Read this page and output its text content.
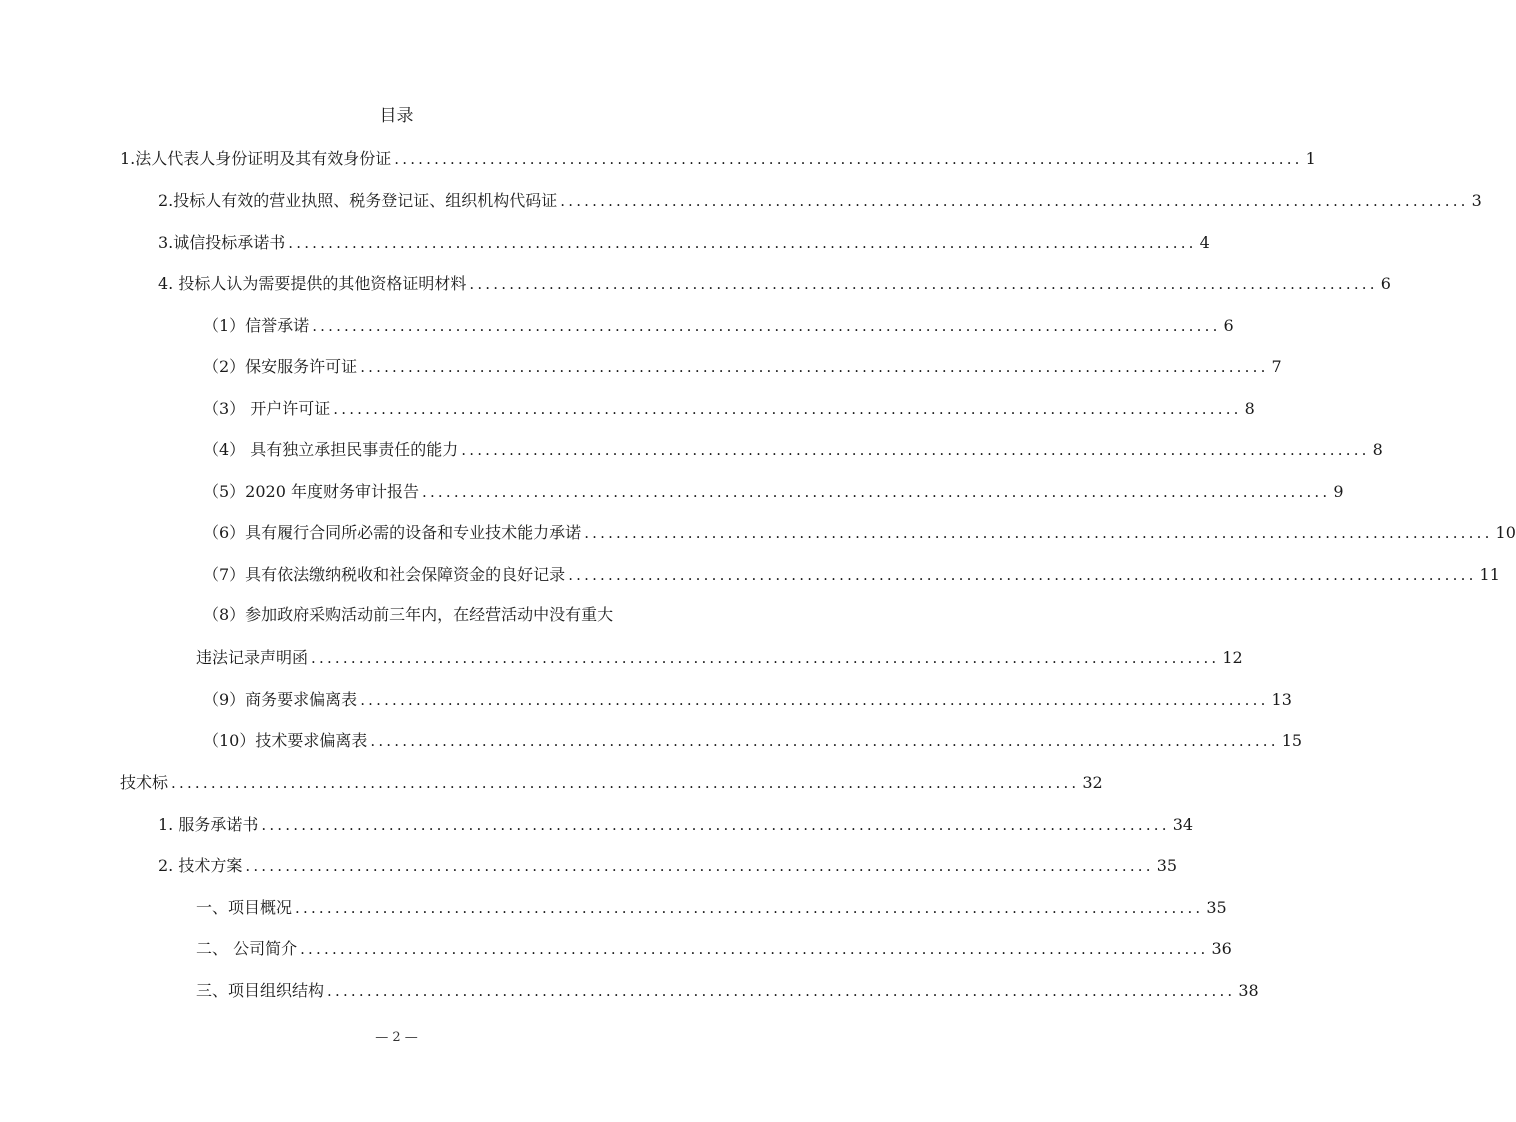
目录
1.法人代表人身份证明及其有效身份证 .................................................................................................................. 1
2.投标人有效的营业执照、税务登记证、组织机构代码证 .................................................................................................................. 3
3.诚信投标承诺书 .................................................................................................................. 4
4. 投标人认为需要提供的其他资格证明材料 .................................................................................................................. 6
（1）信誉承诺 .................................................................................................................. 6
（2）保安服务许可证 .................................................................................................................. 7
（3） 开户许可证 .................................................................................................................. 8
（4） 具有独立承担民事责任的能力 .................................................................................................................. 8
（5）2020 年度财务审计报告 .................................................................................................................. 9
（6）具有履行合同所必需的设备和专业技术能力承诺 .................................................................................................................. 10
（7）具有依法缴纳税收和社会保障资金的良好记录 .................................................................................................................. 11
（8）参加政府采购活动前三年内，在经营活动中没有重大
违法记录声明函 .................................................................................................................. 12
（9）商务要求偏离表 .................................................................................................................. 13
（10）技术要求偏离表 .................................................................................................................. 15
技术标 .................................................................................................................. 32
1. 服务承诺书 .................................................................................................................. 34
2. 技术方案 .................................................................................................................. 35
一、项目概况 .................................................................................................................. 35
二、 公司简介 .................................................................................................................. 36
三、项目组织结构 .................................................................................................................. 38
— 2 —
